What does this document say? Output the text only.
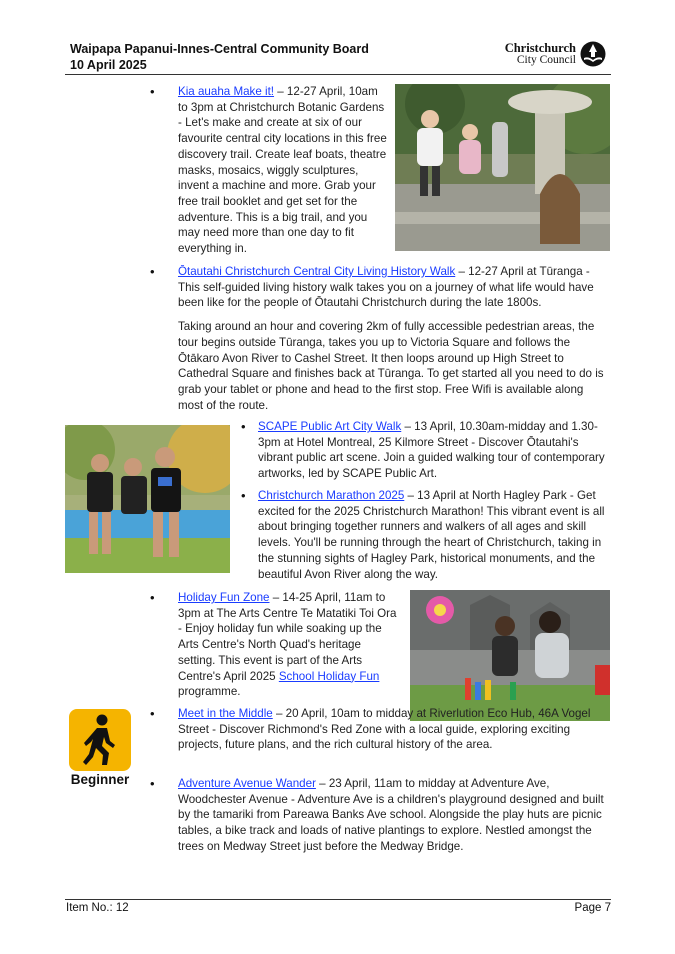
Waipapa Papanui-Innes-Central Community Board
10 April 2025
Christchurch
City Council
• Kia auaha Make it! – 12-27 April, 10am to 3pm at Christchurch Botanic Gardens - Let's make and create at six of our favourite central city locations in this free discovery trail. Create leaf boats, theatre masks, mosaics, wiggly sculptures, invent a machine and more. Grab your free trail booklet and get set for the adventure. This is a big trail, and you may need more than one day to fit everything in.
• Ōtautahi Christchurch Central City Living History Walk – 12-27 April at Tūranga - This self-guided living history walk takes you on a journey of what life would have been like for the people of Ōtautahi Christchurch during the late 1800s.
Taking around an hour and covering 2km of fully accessible pedestrian areas, the tour begins outside Tūranga, takes you up to Victoria Square and follows the Ōtākaro Avon River to Cashel Street. It then loops around up High Street to Cathedral Square and finishes back at Tūranga. To get started all you need to do is grab your tablet or phone and head to the first stop. Free Wifi is available along most of the route.
• SCAPE Public Art City Walk – 13 April, 10.30am-midday and 1.30-3pm at Hotel Montreal, 25 Kilmore Street - Discover Ōtautahi's vibrant public art scene. Join a guided walking tour of contemporary artworks, led by SCAPE Public Art.
• Christchurch Marathon 2025 – 13 April at North Hagley Park - Get excited for the 2025 Christchurch Marathon! This vibrant event is all about bringing together runners and walkers of all ages and skill levels. You'll be running through the heart of Christchurch, taking in the stunning sights of Hagley Park, historical monuments, and the beautiful Avon River along the way.
• Holiday Fun Zone – 14-25 April, 11am to 3pm at The Arts Centre Te Matatiki Toi Ora - Enjoy holiday fun while soaking up the Arts Centre's North Quad's heritage setting. This event is part of the Arts Centre's April 2025 School Holiday Fun programme.
Beginner
• Meet in the Middle – 20 April, 10am to midday at Riverlution Eco Hub, 46A Vogel Street - Discover Richmond's Red Zone with a local guide, exploring exciting projects, future plans, and the rich cultural history of the area.
• Adventure Avenue Wander – 23 April, 11am to midday at Adventure Ave, Woodchester Avenue - Adventure Ave is a children's playground designed and built by the tamariki from Pareawa Banks Ave school. Alongside the play huts are picnic tables, a bike track and loads of native plantings to explore. Nestled amongst the trees on Medway Street just before the Medway Bridge.
Item No.: 12	Page 7
